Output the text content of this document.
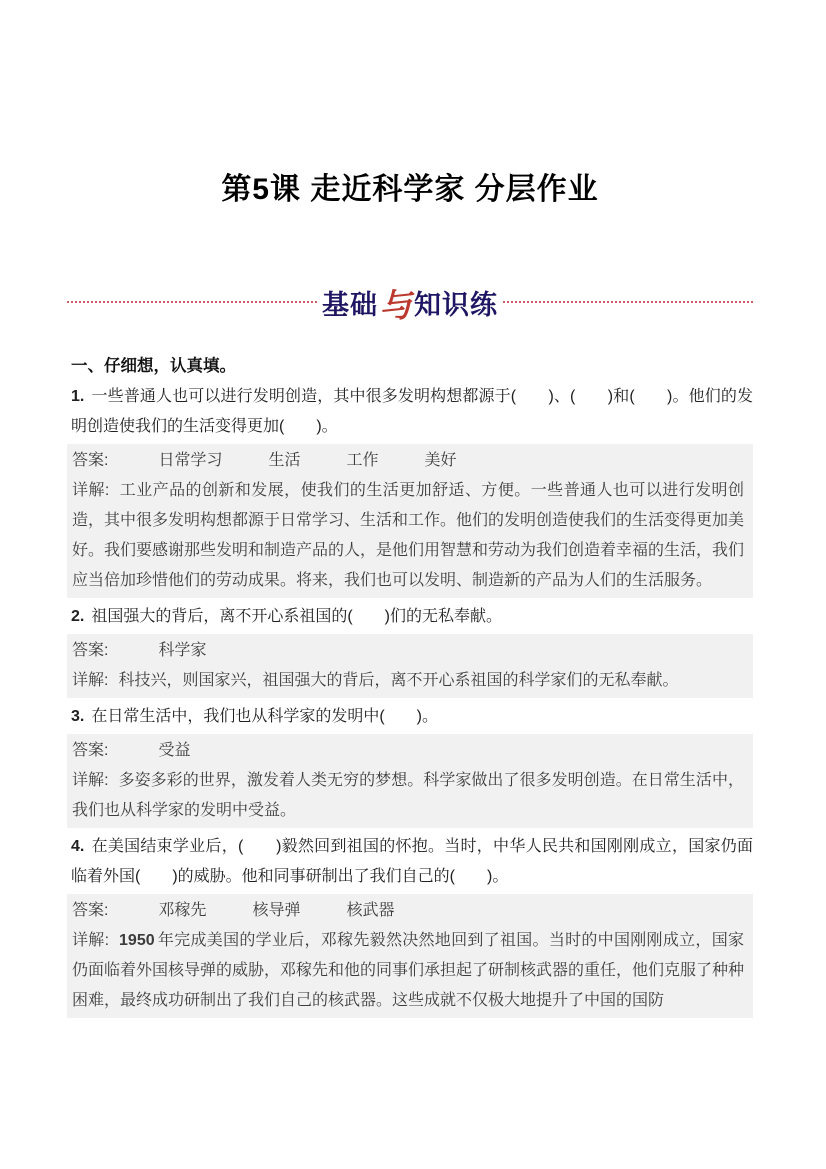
第5课 走近科学家 分层作业
基础 与 知识练
一、仔细想，认真填。

1. 一些普通人也可以进行发明创造，其中很多发明构想都源于(　　)、(　　)和(　　)。他们的发明创造使我们的生活变得更加(　　)。

答案:	日常学习	生活	工作	美好

详解: 工业产品的创新和发展，使我们的生活更加舒适、方便。一些普通人也可以进行发明创造，其中很多发明构想都源于日常学习、生活和工作。他们的发明创造使我们的生活变得更加美好。我们要感谢那些发明和制造产品的人，是他们用智慧和劳动为我们创造着幸福的生活，我们应当倍加珍惜他们的劳动成果。将来，我们也可以发明、制造新的产品为人们的生活服务。

2. 祖国强大的背后，离不开心系祖国的(　　)们的无私奉献。

答案:	科学家

详解: 科技兴，则国家兴，祖国强大的背后，离不开心系祖国的科学家们的无私奉献。

3. 在日常生活中，我们也从科学家的发明中(　　)。

答案:	受益

详解: 多姿多彩的世界，激发着人类无穷的梦想。科学家做出了很多发明创造。在日常生活中，我们也从科学家的发明中受益。

4. 在美国结束学业后，(　　)毅然回到祖国的怀抱。当时，中华人民共和国刚刚成立，国家仍面临着外国(　　)的威胁。他和同事研制出了我们自己的(　　)。

答案:	邓稼先	核导弹	核武器

详解: 1950 年完成美国的学业后，邓稼先毅然决然地回到了祖国。当时的中国刚刚成立，国家仍面临着外国核导弹的威胁，邓稼先和他的同事们承担起了研制核武器的重任，他们克服了种种困难，最终成功研制出了我们自己的核武器。这些成就不仅极大地提升了中国的国防
